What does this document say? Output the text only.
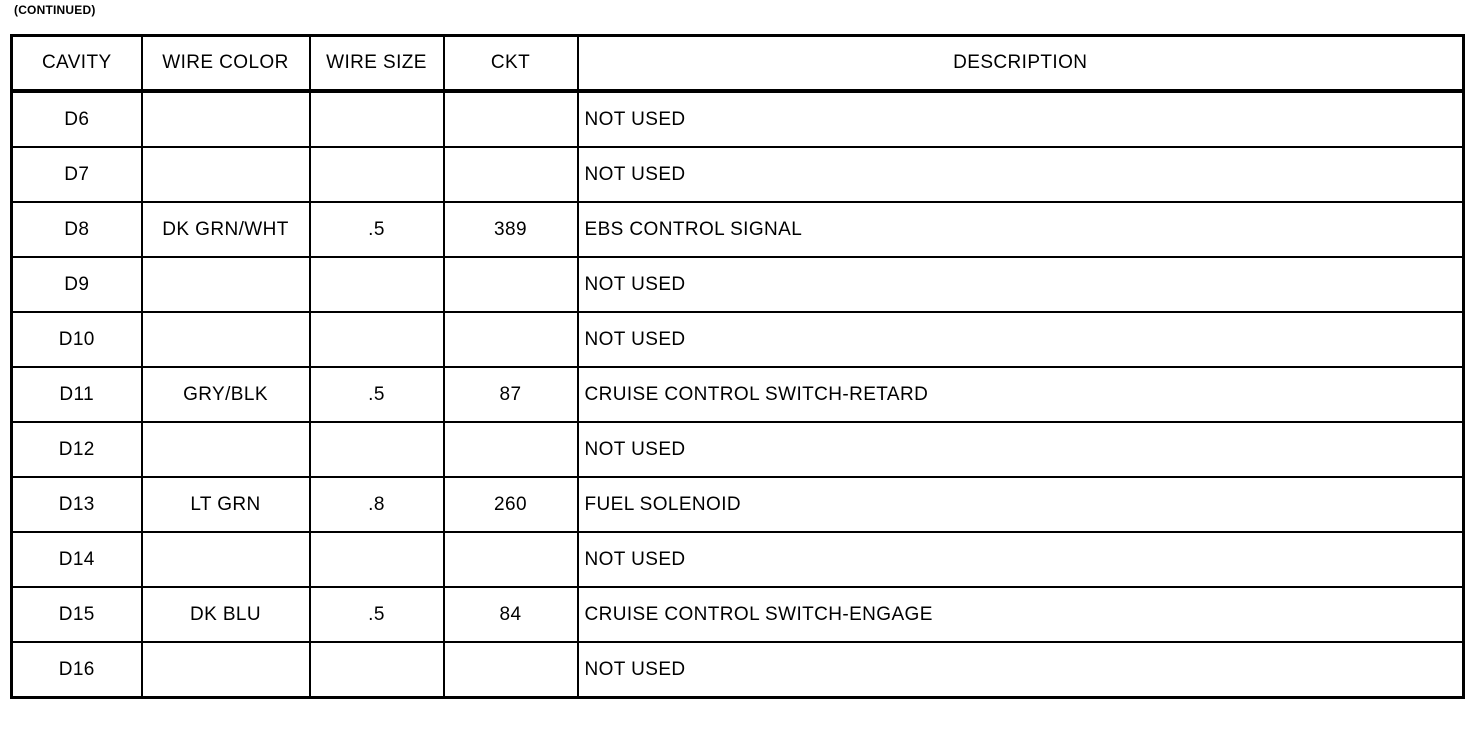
(CONTINUED)
CAVITY	WIRE COLOR	WIRE SIZE	CKT	DESCRIPTION
D6				NOT USED
D7				NOT USED
D8	DK GRN/WHT	.5	389	EBS CONTROL SIGNAL
D9				NOT USED
D10				NOT USED
D11	GRY/BLK	.5	87	CRUISE CONTROL SWITCH-RETARD
D12				NOT USED
D13	LT GRN	.8	260	FUEL SOLENOID
D14				NOT USED
D15	DK BLU	.5	84	CRUISE CONTROL SWITCH-ENGAGE
D16				NOT USED
